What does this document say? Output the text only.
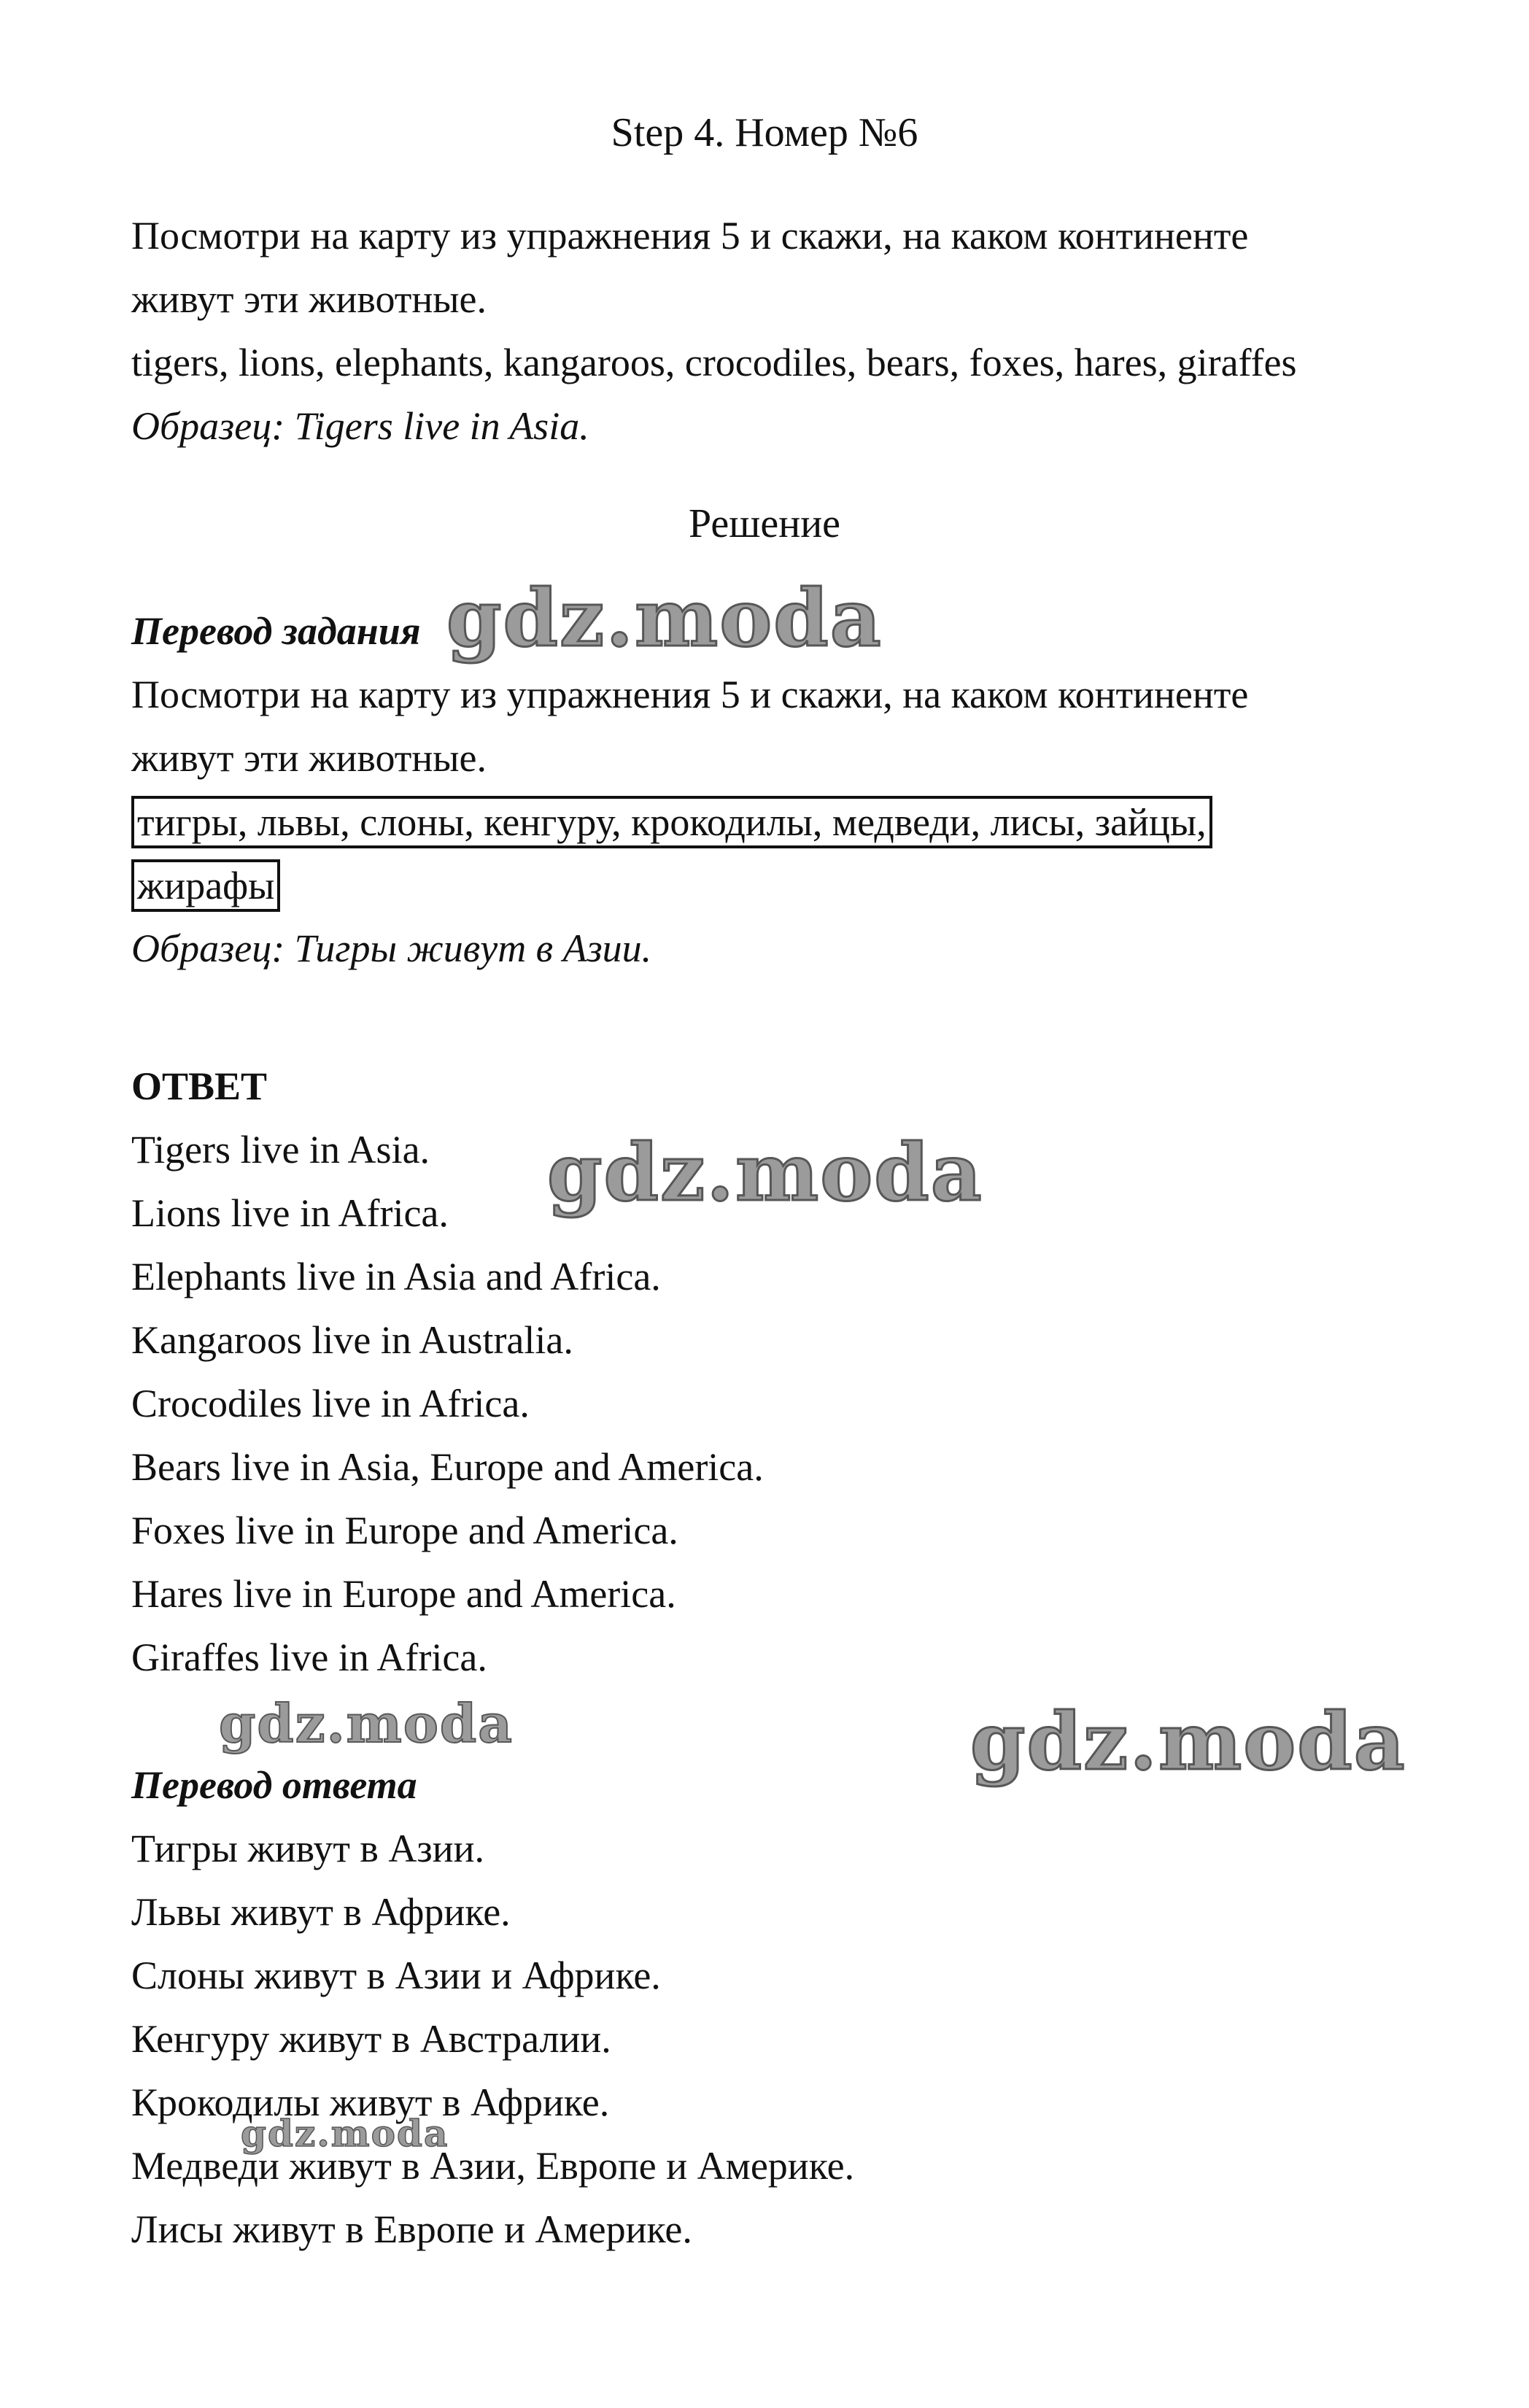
Step 4. Номер №6
Посмотри на карту из упражнения 5 и скажи, на каком континенте
живут эти животные.
tigers, lions, elephants, kangaroos, crocodiles, bears, foxes, hares, giraffes
Образец: Tigers live in Asia.
Решение
Перевод задания
Посмотри на карту из упражнения 5 и скажи, на каком континенте
живут эти животные.
тигры, львы, слоны, кенгуру, крокодилы, медведи, лисы, зайцы,
жирафы
Образец: Тигры живут в Азии.
ОТВЕТ
Tigers live in Asia.
Lions live in Africa.
Elephants live in Asia and Africa.
Kangaroos live in Australia.
Crocodiles live in Africa.
Bears live in Asia, Europe and America.
Foxes live in Europe and America.
Hares live in Europe and America.
Giraffes live in Africa.
Перевод ответа
Тигры живут в Азии.
Львы живут в Африке.
Слоны живут в Азии и Африке.
Кенгуру живут в Австралии.
Крокодилы живут в Африке.
Медведи живут в Азии, Европе и Америке.
Лисы живут в Европе и Америке.
gdz.moda
gdz.moda
gdz.moda	gdz.moda
gdz.moda
